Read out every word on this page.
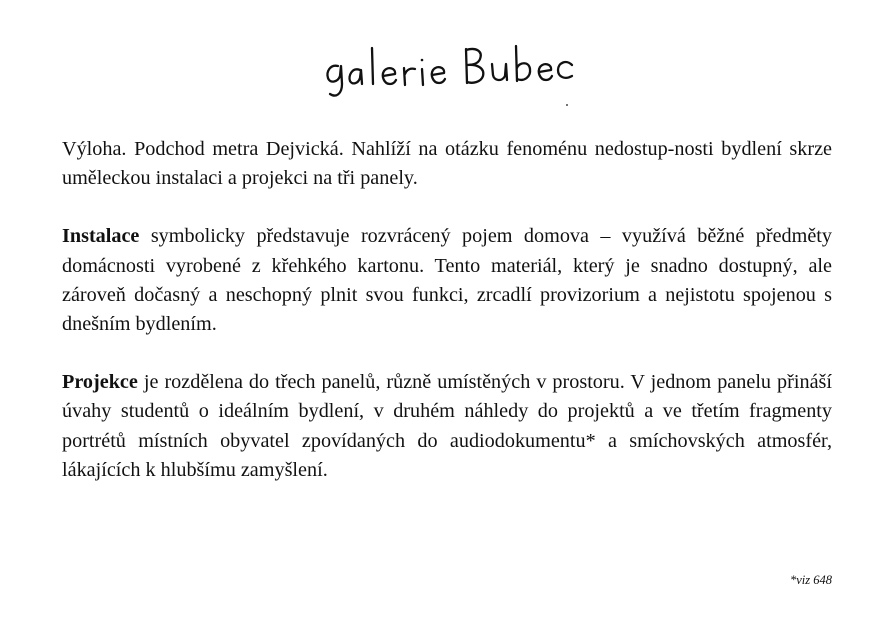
Výloha. Podchod metra Dejvická. Nahlíží na otázku fenoménu nedostup-nosti bydlení skrze uměleckou instalaci a projekci na tři panely.

Instalace symbolicky představuje rozvrácený pojem domova – využívá běžné předměty domácnosti vyrobené z křehkého kartonu. Tento materiál, který je snadno dostupný, ale zároveň dočasný a neschopný plnit svou funkci, zrcadlí provizorium a nejistotu spojenou s dnešním bydlením.

Projekce je rozdělena do třech panelů, různě umístěných v prostoru. V jednom panelu přináší úvahy studentů o ideálním bydlení, v druhém náhledy do projektů a ve třetím fragmenty portrétů místních obyvatel zpovídaných do audiodokumentu* a smíchovských atmosfér, lákajících k hlubšímu zamyšlení.

*viz 648
